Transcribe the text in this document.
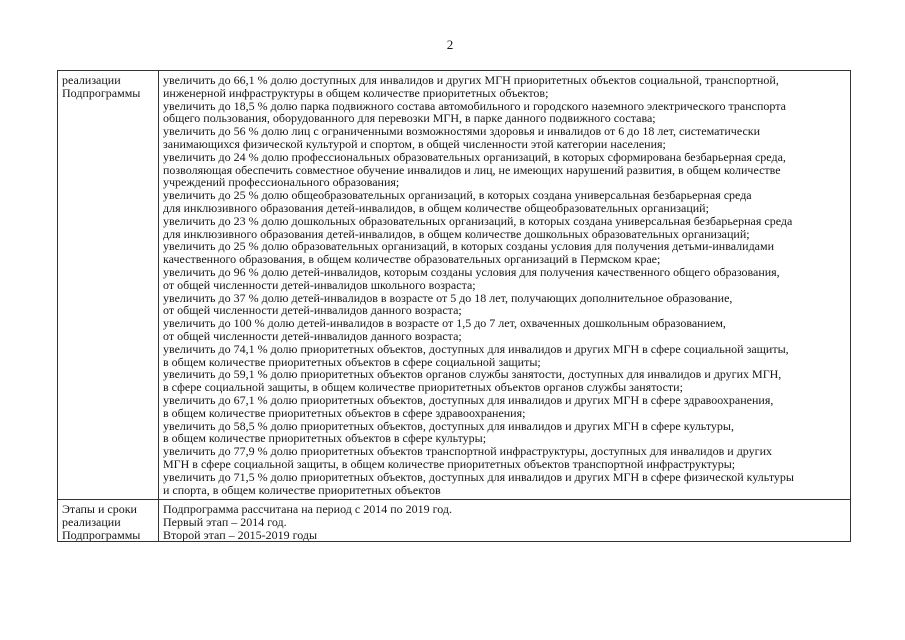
2
реализации
Подпрограммы
увеличить до 66,1 % долю доступных для инвалидов и других МГН приоритетных объектов социальной, транспортной,
инженерной инфраструктуры в общем количестве приоритетных объектов;
увеличить до 18,5 % долю парка подвижного состава автомобильного и городского наземного электрического транспорта
общего пользования, оборудованного для перевозки МГН, в парке данного подвижного состава;
увеличить до 56 % долю лиц с ограниченными возможностями здоровья и инвалидов от 6 до 18 лет, систематически
занимающихся физической культурой и спортом, в общей численности этой категории населения;
увеличить до 24 % долю профессиональных образовательных организаций, в которых сформирована безбарьерная среда,
позволяющая обеспечить совместное обучение инвалидов и лиц, не имеющих нарушений развития, в общем количестве
учреждений профессионального образования;
увеличить до 25 % долю общеобразовательных организаций, в которых создана универсальная безбарьерная среда
для инклюзивного образования детей-инвалидов, в общем количестве общеобразовательных организаций;
увеличить до 23 % долю дошкольных образовательных организаций, в которых создана универсальная безбарьерная среда
для инклюзивного образования детей-инвалидов, в общем количестве дошкольных образовательных организаций;
увеличить до 25 % долю образовательных организаций, в которых созданы условия для получения детьми-инвалидами
качественного образования, в общем количестве образовательных организаций в Пермском крае;
увеличить до 96 % долю детей-инвалидов, которым созданы условия для получения качественного общего образования,
от общей численности детей-инвалидов школьного возраста;
увеличить до 37 % долю детей-инвалидов в возрасте от 5 до 18 лет, получающих дополнительное образование,
от общей численности детей-инвалидов данного возраста;
увеличить до 100 % долю детей-инвалидов в возрасте от 1,5 до 7 лет, охваченных дошкольным образованием,
от общей численности детей-инвалидов данного возраста;
увеличить до 74,1 % долю приоритетных объектов, доступных для инвалидов и других МГН в сфере социальной защиты,
в общем количестве приоритетных объектов в сфере социальной защиты;
увеличить до 59,1 % долю приоритетных объектов органов службы занятости, доступных для инвалидов и других МГН,
в сфере социальной защиты, в общем количестве приоритетных объектов органов службы занятости;
увеличить до 67,1 % долю приоритетных объектов, доступных для инвалидов и других МГН в сфере здравоохранения,
в общем количестве приоритетных объектов в сфере здравоохранения;
увеличить до 58,5 % долю приоритетных объектов, доступных для инвалидов и других МГН в сфере культуры,
в общем количестве приоритетных объектов в сфере культуры;
увеличить до 77,9 % долю приоритетных объектов транспортной инфраструктуры, доступных для инвалидов и других
МГН в сфере социальной защиты, в общем количестве приоритетных объектов транспортной инфраструктуры;
увеличить до 71,5 % долю приоритетных объектов, доступных для инвалидов и других МГН в сфере физической культуры
и спорта, в общем количестве приоритетных объектов
Этапы и сроки
реализации
Подпрограммы
Подпрограмма рассчитана на период с 2014 по 2019 год.
Первый этап – 2014 год.
Второй этап – 2015-2019 годы
